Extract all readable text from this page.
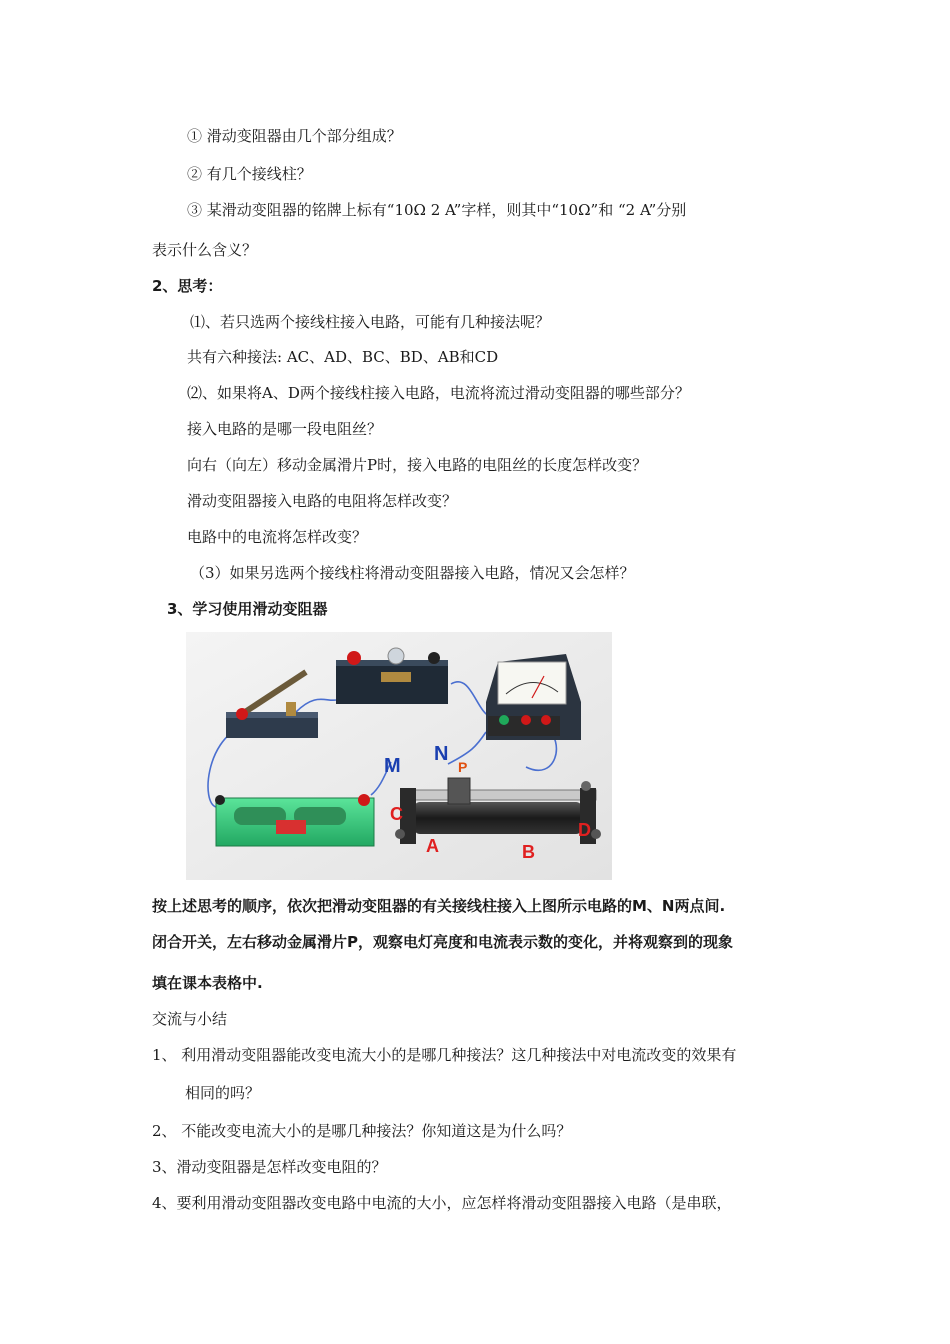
① 滑动变阻器由几个部分组成？
② 有几个接线柱？
③ 某滑动变阻器的铭牌上标有“10Ω 2 A”字样，则其中“10Ω”和 “2 A”分别
表示什么含义？
2、思考：
⑴、若只选两个接线柱接入电路，可能有几种接法呢？
共有六种接法: AC、AD、BC、BD、AB和CD
⑵、如果将A、D两个接线柱接入电路，电流将流过滑动变阻器的哪些部分？
接入电路的是哪一段电阻丝？
向右（向左）移动金属滑片P时，接入电路的电阻丝的长度怎样改变？
滑动变阻器接入电路的电阻将怎样改变？
电路中的电流将怎样改变？
（3）如果另选两个接线柱将滑动变阻器接入电路，情况又会怎样？
3、学习使用滑动变阻器
M
N
P
C
A	B
D
按上述思考的顺序，依次把滑动变阻器的有关接线柱接入上图所示电路的M、N两点间.
闭合开关，左右移动金属滑片P，观察电灯亮度和电流表示数的变化，并将观察到的现象
填在课本表格中.
交流与小结
1、 利用滑动变阻器能改变电流大小的是哪几种接法？这几种接法中对电流改变的效果有
相同的吗？
2、 不能改变电流大小的是哪几种接法？你知道这是为什么吗？
3、滑动变阻器是怎样改变电阻的？
4、要利用滑动变阻器改变电路中电流的大小，应怎样将滑动变阻器接入电路（是串联，
